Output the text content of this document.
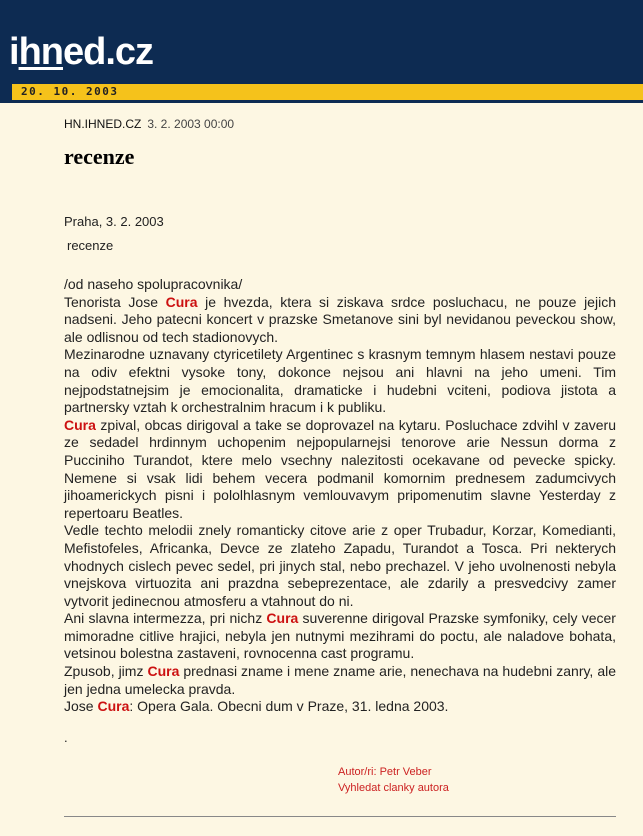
ihned.cz
20. 10. 2003
HN.IHNED.CZ 3. 2. 2003 00:00
recenze
Praha, 3. 2. 2003
recenze

/od naseho spolupracovnika/

Tenorista Jose Cura je hvezda, ktera si ziskava srdce posluchacu, ne pouze jejich nadseni. Jeho patecni koncert v prazske Smetanove sini byl nevidanou peveckou show, ale odlisnou od tech stadionovych.

Mezinarodne uznavany ctyricetilety Argentinec s krasnym temnym hlasem nestavi pouze na odiv efektni vysoke tony, dokonce nejsou ani hlavni na jeho umeni. Tim nejpodstatnejsim je emocionalita, dramaticke i hudebni vciteni, podiova jistota a partnersky vztah k orchestralnim hracum i k publiku.

Cura zpival, obcas dirigoval a take se doprovazel na kytaru. Posluchace zdvihl v zaveru ze sedadel hrdinnym uchopenim nejpopularnejsi tenorove arie Nessun dorma z Pucciniho Turandot, ktere melo vsechny nalezitosti ocekavane od pevecke spicky. Nemene si vsak lidi behem vecera podmanil komornim prednesem zadumcivych jihoamerickych pisni i pololhlasnym vemlouvavym pripomenutim slavne Yesterday z repertoaru Beatles.

Vedle techto melodii znely romanticky citove arie z oper Trubadur, Korzar, Komedianti, Mefistofeles, Africanka, Devce ze zlateho Zapadu, Turandot a Tosca. Pri nekterych vhodnych cislech pevec sedel, pri jinych stal, nebo prechazel. V jeho uvolnenosti nebyla vnejskova virtuozita ani prazdna sebeprezentace, ale zdarily a presvedcivy zamer vytvorit jedinecnou atmosferu a vtahnout do ni.

Ani slavna intermezza, pri nichz Cura suverenne dirigoval Prazske symfoniky, cely vecer mimoradne citlive hrajici, nebyla jen nutnymi mezihrami do poctu, ale naladove bohata, vetsinou bolestna zastaveni, rovnocenna cast programu.

Zpusob, jimz Cura prednasi zname i mene zname arie, nenechava na hudebni zanry, ale jen jedna umelecka pravda.

Jose Cura: Opera Gala. Obecni dum v Praze, 31. ledna 2003.

.
Autor/ri: Petr Veber
Vyhledat clanky autora
